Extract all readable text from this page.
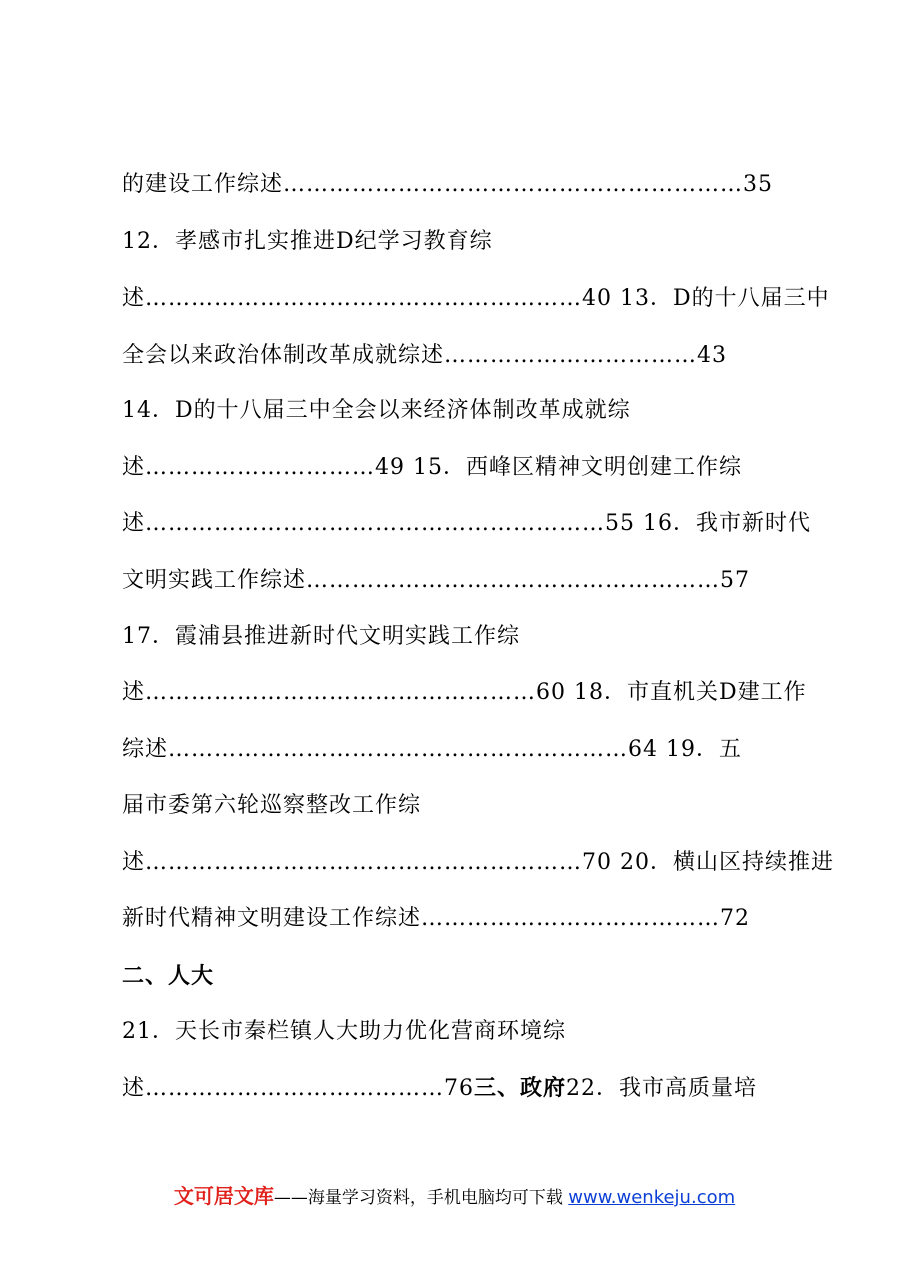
的建设工作综述……………………………………………………35
12．孝感市扎实推进D纪学习教育综
述…………………………………………………40 13．D的十八届三中
全会以来政治体制改革成就综述……………………………43
14．D的十八届三中全会以来经济体制改革成就综
述…………………………49 15．西峰区精神文明创建工作综
述……………………………………………………55 16．我市新时代
文明实践工作综述………………………………………………57
17．霞浦县推进新时代文明实践工作综
述……………………………………………60 18．市直机关D建工作
综述……………………………………………………64 19．五
届市委第六轮巡察整改工作综
述…………………………………………………70 20．横山区持续推进
新时代精神文明建设工作综述…………………………………72
二、人大
21．天长市秦栏镇人大助力优化营商环境综
述…………………………………76三、政府22．我市高质量培
文可居文库——海量学习资料，手机电脑均可下载 www.wenkeju.com
